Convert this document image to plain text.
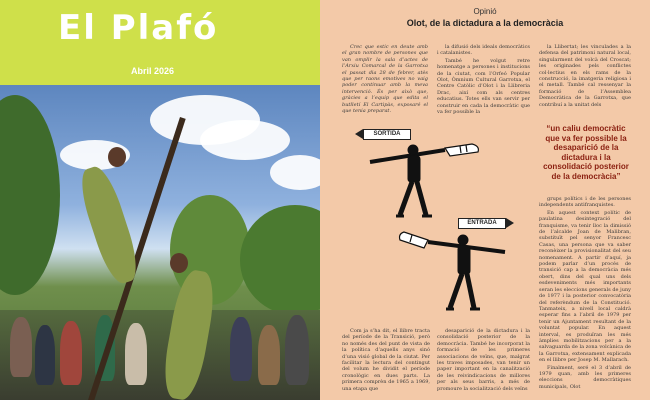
El Plafó
Abril 2026
Opinió
Olot, de la dictadura a la democràcia

Crec que estic en deute amb el gran nombre de persones que van omplir la sala d’actes de l’Arxiu Comarcal de la Garrotxa el passat dia 28 de febrer, atès que per raons emotives no vaig poder continuar amb la meva intervenció. És per això que, gràcies a l’equip que edita el butlletí El Cartipàs, exposaré el que tenia preparat.

la difusió dels ideals democràtics i catalanistes.

També he volgut retre homenatge a persones i institucions de la ciutat, com l’Orfeó Popular Olot, Òmnium Cultural Garrotxa, el Centre Catòlic d’Olot i la Llibreria Drac, així com als centres educatius. Totes ells van servir per construir en cada la democràtic que va fer possible la

la Llibertat; les vinculades a la defensa del patrimoni natural local, singularment del volcà del Croscat; les originades pels conflictes col·lectius en els rams de la construcció, la imatgeria religiosa i el metall. També cal ressenyar la formació de l’Assemblea Democràtica de la Garrotxa, que contribuí a la unitat dels

“un caliu democràtic que va fer possible la desaparició de la dictadura i la consolidació posterior de la democràcia”

grups polítics i de les persones independents antifranquistes.

En aquest context polític de paulatina desintegració del franquisme, va tenir lloc la dimissió de l’alcalde Joan de Malibran, substituït pel senyor Francesc Casas, una persona que va saber reconèixer la provisionalitat del seu nomenament. A partir d’aquí, ja podem parlar d’un procés de transició cap a la democràcia més obert, dins del qual uns dels esdeveniments més importants seran les eleccions generals de juny de 1977 i la posterior convocatòria del referèndum de la Constitució. Tanmateix, a nivell local caldrà esperar fins a l’abril de 1979 per tenir un Ajuntament resultant de la voluntat popular. En aquest interval, es produïran les més àmplies mobilitzacions per a la salvaguarda de la zona volcànica de la Garrotxa, extensament explicada en el llibre per Josep M. Mallarach.

Finalment, seré el 3 d’abril de 1979 quan, amb les primeres eleccions democràtiques municipals, Olot

Com ja s’ha dit, el llibre tracta del període de la Transició, però no només des del punt de vista de la política d’aquells anys sinó d’una visió global de la ciutat. Per facilitar la lectura del contingut del volum he dividit el període cronològic en dues parts. La primera comprèn de 1965 a 1969, una etapa que

desaparició de la dictadura i la consolidació posterior de la democràcia. També he incorporat la formació de les primeres associacions de veïns, que, malgrat les traves imposades, van tenir un paper important en la canalització de les reivindicacions de millores per als seus barris, a més de promoure la socialització dels veïns

SORTIDA
ENTRADA
